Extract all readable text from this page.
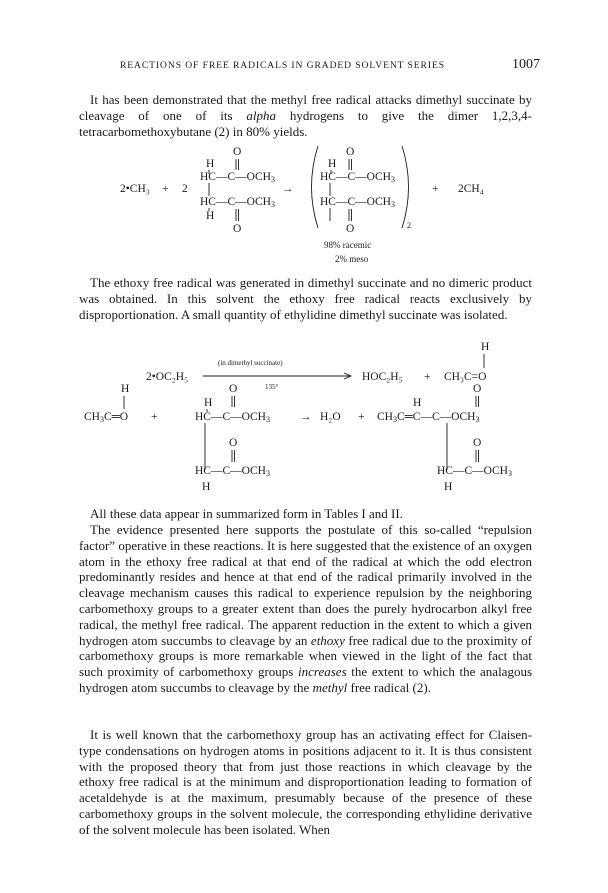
REACTIONS OF FREE RADICALS IN GRADED SOLVENT SERIES	1007

It has been demonstrated that the methyl free radical attacks dimethyl succinate by cleavage of one of its alpha hydrogens to give the dimer 1,2,3,4-tetracarbomethoxybutane (2) in 80% yields.

2•CH₃ + 2
O
H
HC—C—OCH3
HC—C—OCH3
H
O
→
O
H
HC—C—OCH3
HC—C—OCH3
O	2
+ 2CH₄
98% racemic
2% meso
2•OC₂H₅
(in dimethyl succinate)
135°
HOC₂H₅ +
H
CH₃C=O
H
CH3C═O +
O
H
HC—C—OCH3
O
HC—C—OCH3
H
→ H₂O +
H
O
CH3C═C—C—OCH3
O
HC—C—OCH3
H

The ethoxy free radical was generated in dimethyl succinate and no dimeric product was obtained. In this solvent the ethoxy free radical reacts exclusively by disproportionation. A small quantity of ethylidine dimethyl succinate was isolated.

All these data appear in summarized form in Tables I and II.

The evidence presented here supports the postulate of this so-called “repulsion factor” operative in these reactions. It is here suggested that the existence of an oxygen atom in the ethoxy free radical at that end of the radical at which the odd electron predominantly resides and hence at that end of the radical primarily involved in the cleavage mechanism causes this radical to experience repulsion by the neighboring carbomethoxy groups to a greater extent than does the purely hydrocarbon alkyl free radical, the methyl free radical. The apparent reduction in the extent to which a given hydrogen atom succumbs to cleavage by an ethoxy free radical due to the proximity of carbomethoxy groups is more remarkable when viewed in the light of the fact that such proximity of carbomethoxy groups increases the extent to which the analagous hydrogen atom succumbs to cleavage by the methyl free radical (2).

It is well known that the carbomethoxy group has an activating effect for Claisen-type condensations on hydrogen atoms in positions adjacent to it. It is thus consistent with the proposed theory that from just those reactions in which cleavage by the ethoxy free radical is at the minimum and disproportionation leading to formation of acetaldehyde is at the maximum, presumably because of the presence of these carbomethoxy groups in the solvent molecule, the corresponding ethylidine derivative of the solvent molecule has been isolated. When
